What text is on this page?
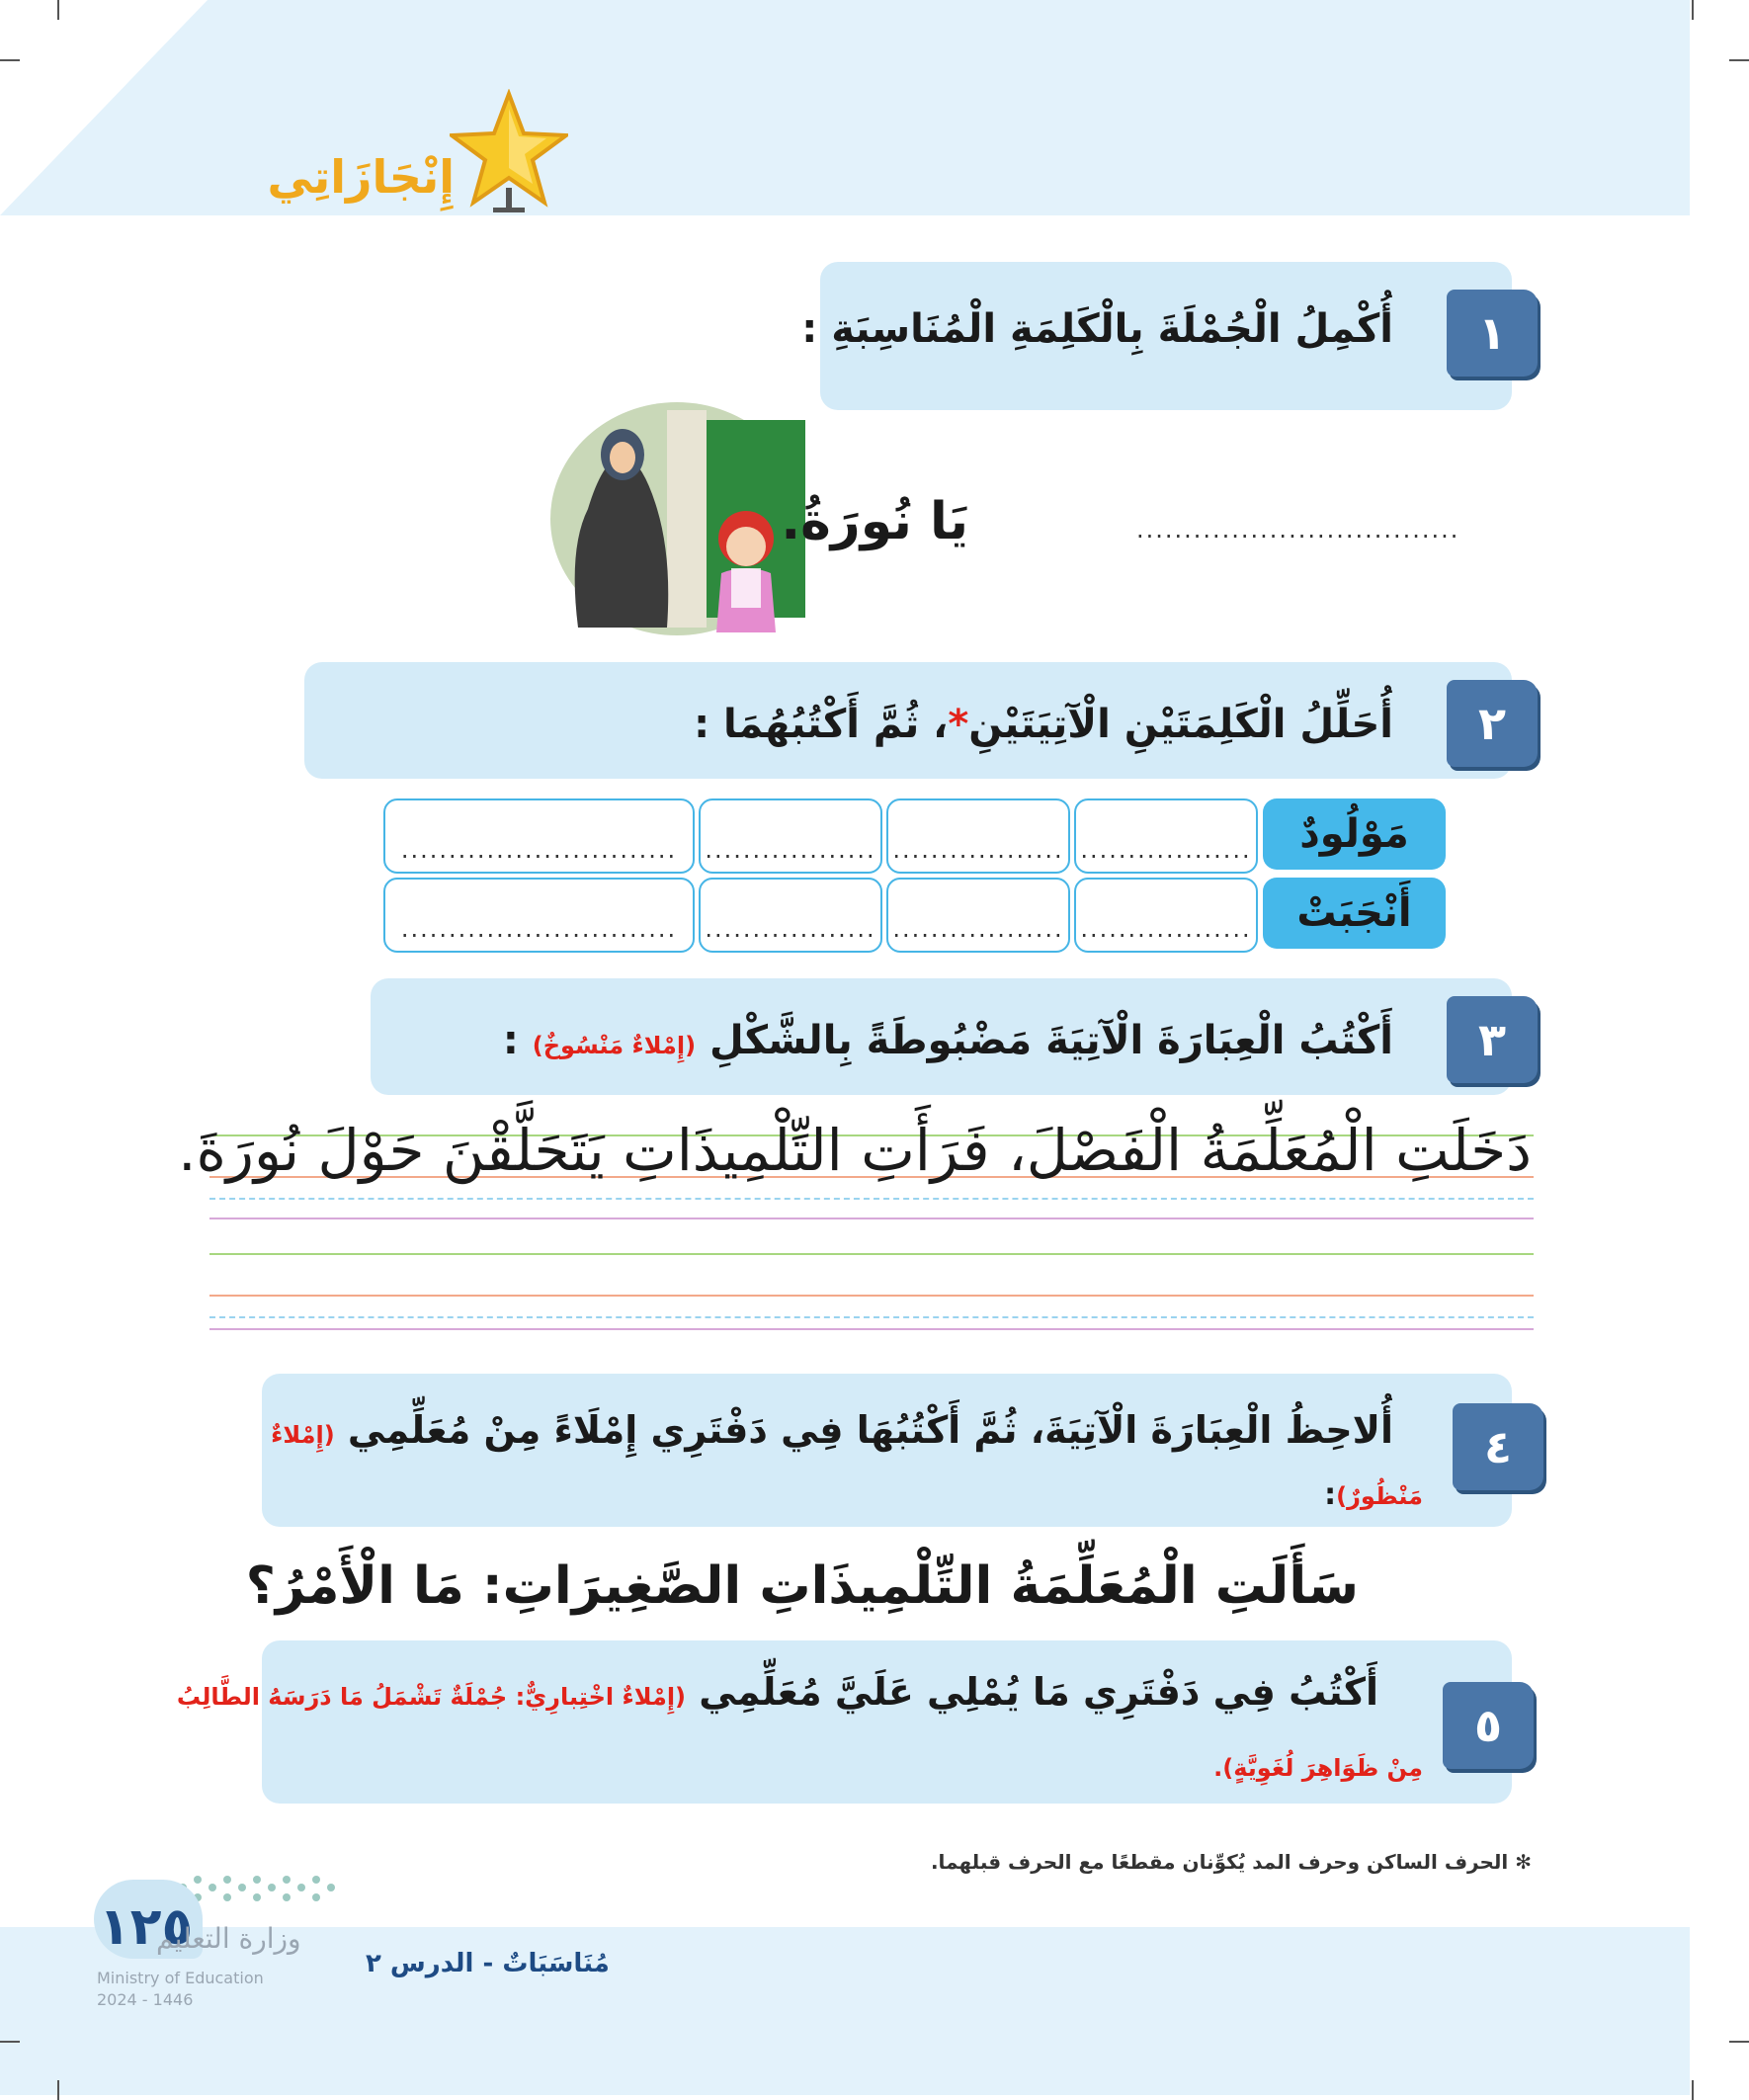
إِنْجَازَاتِي
١
أُكْمِلُ الْجُمْلَةَ بِالْكَلِمَةِ الْمُنَاسِبَةِ :
..................................
يَا نُورَةُ.
٢
أُحَلِّلُ الْكَلِمَتَيْنِ الْآتِيَتَيْنِ*، ثُمَّ أَكْتُبُهُمَا :
مَوْلُودٌ
..................
..................
..................
.............................
أَنْجَبَتْ
..................
..................
..................
.............................
٣
أَكْتُبُ الْعِبَارَةَ الْآتِيَةَ مَضْبُوطَةً بِالشَّكْلِ (إِمْلاءٌ مَنْسُوخٌ) :
دَخَلَتِ الْمُعَلِّمَةُ الْفَصْلَ، فَرَأَتِ التِّلْمِيذَاتِ يَتَحَلَّقْنَ حَوْلَ نُورَةَ.
٤
أُلاحِظُ الْعِبَارَةَ الْآتِيَةَ، ثُمَّ أَكْتُبُهَا فِي دَفْتَرِي إِمْلَاءً مِنْ مُعَلِّمِي (إِمْلاءٌ
مَنْظُورٌ):
سَأَلَتِ الْمُعَلِّمَةُ التِّلْمِيذَاتِ الصَّغِيرَاتِ: مَا الْأَمْرُ؟
٥
أَكْتُبُ فِي دَفْتَرِي مَا يُمْلِي عَلَيَّ مُعَلِّمِي (إِمْلاءٌ اخْتِبارِيٌّ: جُمْلَةٌ تَشْمَلُ مَا دَرَسَهُ الطَّالِبُ
مِنْ ظَوَاهِرَ لُغَوِيَّةٍ).
✻ الحرف الساكن وحرف المد يُكوِّنان مقطعًا مع الحرف قبلهما.
١٢٥
وزارة التعليم
Ministry of Education
2024 - 1446
مُنَاسَبَاتٌ - الدرس ٢
